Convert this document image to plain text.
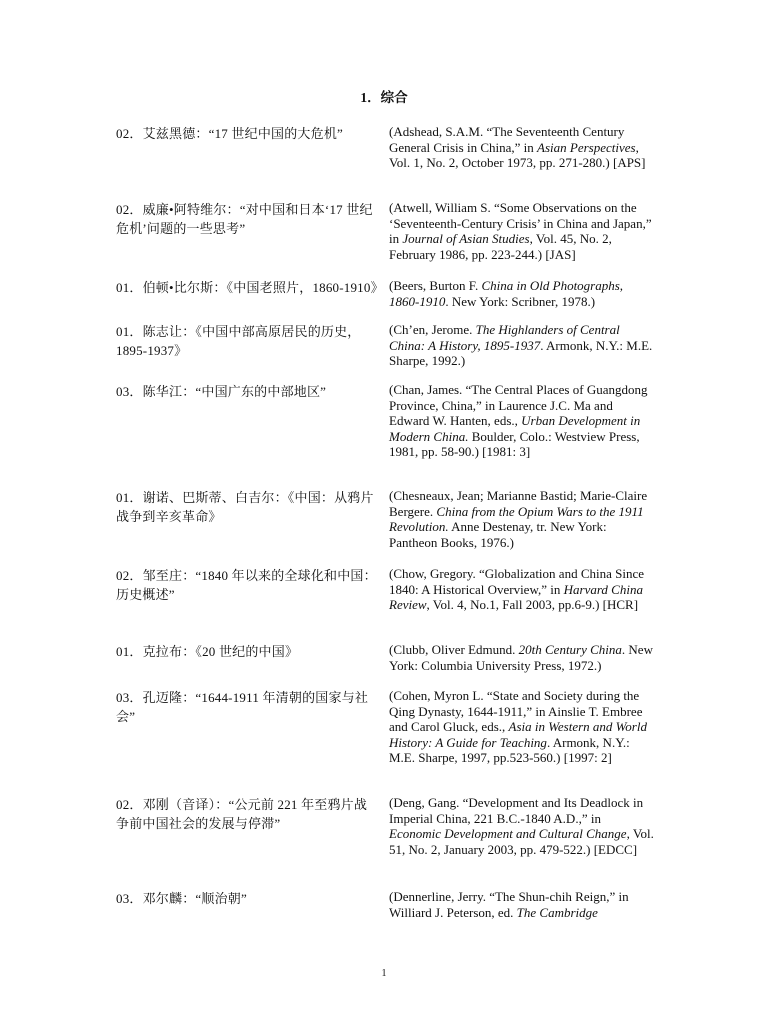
1．综合
02．艾兹黑德：“17 世纪中国的大危机”	(Adshead, S.A.M. “The Seventeenth Century General Crisis in China,” in Asian Perspectives, Vol. 1, No. 2, October 1973, pp. 271-280.) [APS]
02．威廉•阿特维尔：“对中国和日本‘17 世纪危机’问题的一些思考”
(Atwell, William S. “Some Observations on the ‘Seventeenth-Century Crisis’ in China and Japan,” in Journal of Asian Studies, Vol. 45, No. 2, February 1986, pp. 223-244.) [JAS]
01．伯顿•比尔斯：《中国老照片，1860-1910》 (Beers, Burton F. China in Old Photographs, 1860-1910. New York: Scribner, 1978.)
01．陈志让：《中国中部高原居民的历史，1895-1937》
(Ch’en, Jerome. The Highlanders of Central China: A History, 1895-1937. Armonk, N.Y.: M.E. Sharpe, 1992.)
03．陈华江：“中国广东的中部地区”	(Chan, James. “The Central Places of Guangdong Province, China,” in Laurence J.C. Ma and Edward W. Hanten, eds., Urban Development in Modern China. Boulder, Colo.: Westview Press, 1981, pp. 58-90.) [1981: 3]
01．谢诺、巴斯蒂、白吉尔：《中国：从鸦片战争到辛亥革命》
(Chesneaux, Jean; Marianne Bastid; Marie-Claire Bergere. China from the Opium Wars to the 1911 Revolution. Anne Destenay, tr. New York: Pantheon Books, 1976.)
02．邹至庄：“1840 年以来的全球化和中国：历史概述”
(Chow, Gregory. “Globalization and China Since 1840: A Historical Overview,” in Harvard China Review, Vol. 4, No.1, Fall 2003, pp.6-9.) [HCR]
01．克拉布：《20 世纪的中国》	(Clubb, Oliver Edmund. 20th Century China. New York: Columbia University Press, 1972.)
03．孔迈隆：“1644-1911 年清朝的国家与社会”
(Cohen, Myron L. “State and Society during the Qing Dynasty, 1644-1911,” in Ainslie T. Embree and Carol Gluck, eds., Asia in Western and World History: A Guide for Teaching. Armonk, N.Y.: M.E. Sharpe, 1997, pp.523-560.) [1997: 2]
02．邓刚（音译）：“公元前 221 年至鸦片战争前中国社会的发展与停滞”
(Deng, Gang. “Development and Its Deadlock in Imperial China, 221 B.C.-1840 A.D.,” in Economic Development and Cultural Change, Vol. 51, No. 2, January 2003, pp. 479-522.) [EDCC]
03．邓尔麟：“顺治朝”	(Dennerline, Jerry. “The Shun-chih Reign,” in Williard J. Peterson, ed. The Cambridge
1
